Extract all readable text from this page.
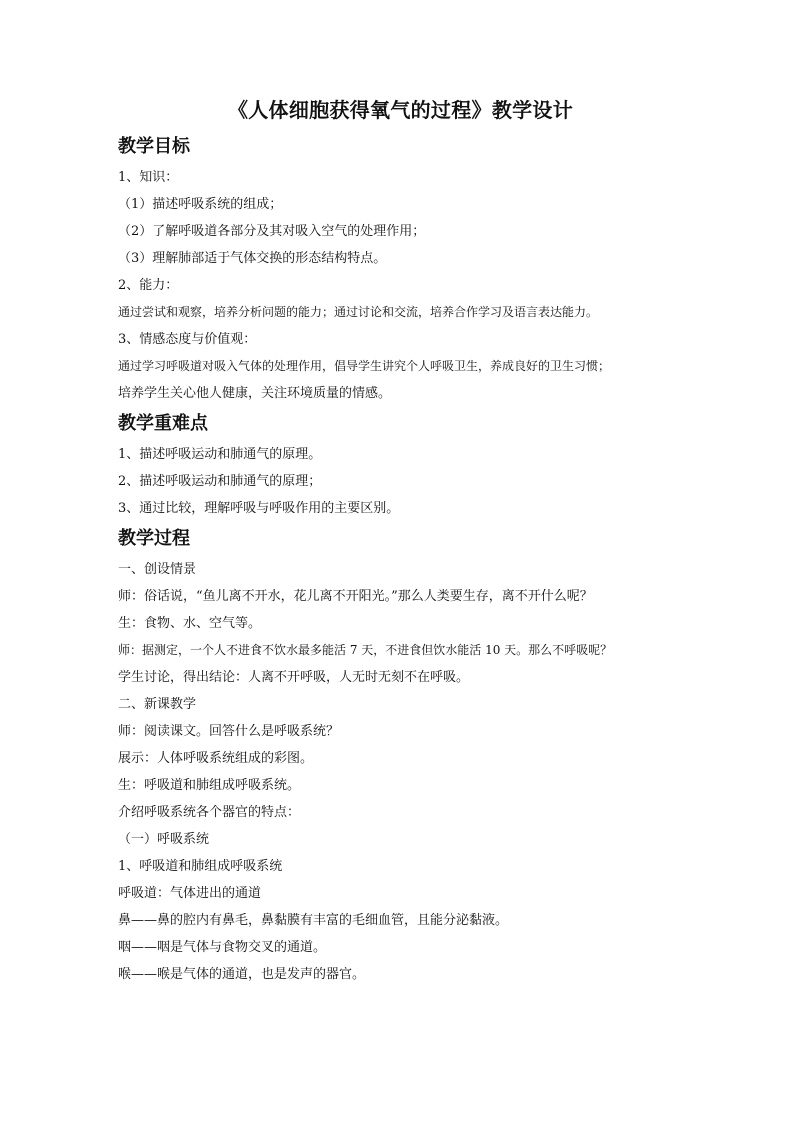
《人体细胞获得氧气的过程》教学设计
教学目标
1、知识：
（1）描述呼吸系统的组成；
（2）了解呼吸道各部分及其对吸入空气的处理作用；
（3）理解肺部适于气体交换的形态结构特点。
2、能力：
通过尝试和观察，培养分析问题的能力；通过讨论和交流，培养合作学习及语言表达能力。
3、情感态度与价值观：
通过学习呼吸道对吸入气体的处理作用，倡导学生讲究个人呼吸卫生，养成良好的卫生习惯；
培养学生关心他人健康，关注环境质量的情感。
教学重难点
1、描述呼吸运动和肺通气的原理。
2、描述呼吸运动和肺通气的原理；
3、通过比较，理解呼吸与呼吸作用的主要区别。
教学过程
一、创设情景
师：俗话说，“鱼儿离不开水，花儿离不开阳光。”那么人类要生存，离不开什么呢？
生：食物、水、空气等。
师：据测定，一个人不进食不饮水最多能活 7 天，不进食但饮水能活 10 天。那么不呼吸呢？
学生讨论，得出结论：人离不开呼吸，人无时无刻不在呼吸。
二、新课教学
师：阅读课文。回答什么是呼吸系统？
展示：人体呼吸系统组成的彩图。
生：呼吸道和肺组成呼吸系统。
介绍呼吸系统各个器官的特点：
（一）呼吸系统
1、呼吸道和肺组成呼吸系统
呼吸道：气体进出的通道
鼻——鼻的腔内有鼻毛，鼻黏膜有丰富的毛细血管，且能分泌黏液。
咽——咽是气体与食物交叉的通道。
喉——喉是气体的通道，也是发声的器官。
